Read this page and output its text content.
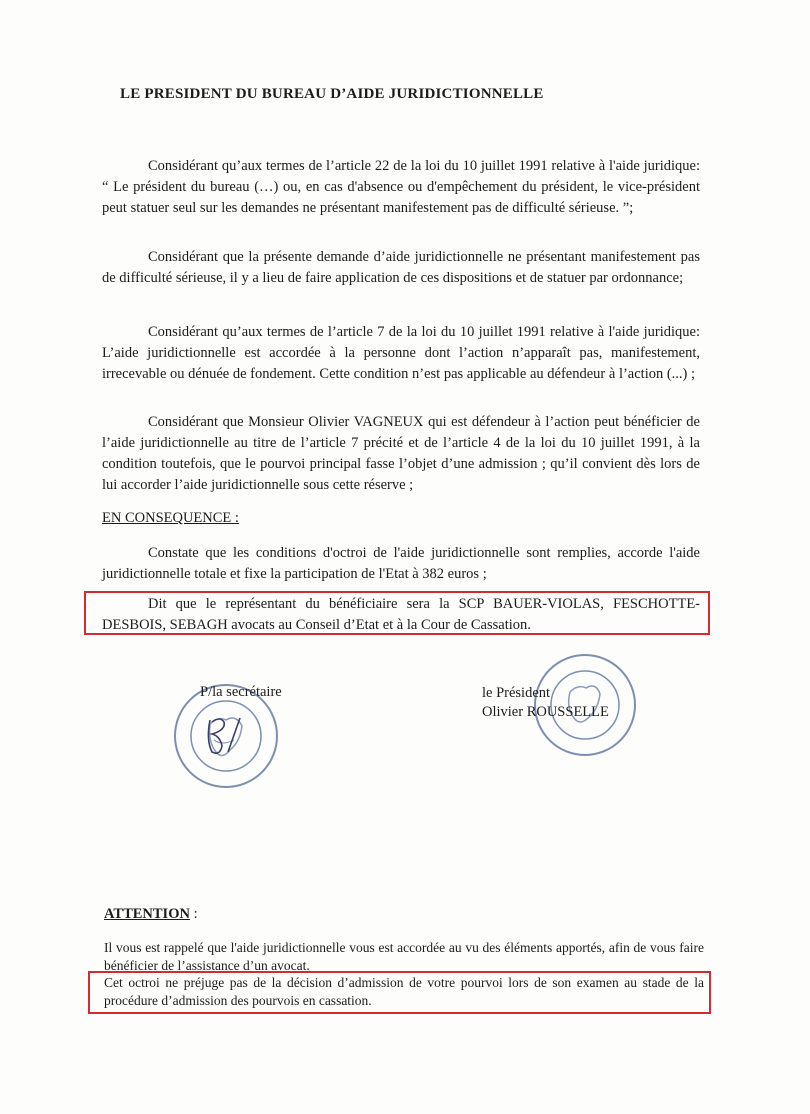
LE PRESIDENT DU BUREAU D’AIDE JURIDICTIONNELLE
Considérant qu’aux termes de l’article 22 de la loi du 10 juillet 1991 relative à l'aide juridique: “ Le président du bureau (…) ou, en cas d'absence ou d'empêchement du président, le vice-président peut statuer seul sur les demandes ne présentant manifestement pas de difficulté sérieuse. ”;
Considérant que la présente demande d’aide juridictionnelle ne présentant manifestement pas de difficulté sérieuse, il y a lieu de faire application de ces dispositions et de statuer par ordonnance;
Considérant qu’aux termes de l’article 7 de la loi du 10 juillet 1991 relative à l'aide juridique: L’aide juridictionnelle est accordée à la personne dont l’action n’apparaît pas, manifestement, irrecevable ou dénuée de fondement. Cette condition n’est pas applicable au défendeur à l’action (...) ;
Considérant que Monsieur Olivier VAGNEUX qui est défendeur à l’action peut bénéficier de l’aide juridictionnelle au titre de l’article 7 précité et de l’article 4 de la loi du 10 juillet 1991, à la condition toutefois, que le pourvoi principal fasse l’objet d’une admission ; qu’il convient dès lors de lui accorder l’aide juridictionnelle sous cette réserve ;
EN CONSEQUENCE :
Constate que les conditions d'octroi de l'aide juridictionnelle sont remplies, accorde l'aide juridictionnelle totale et fixe la participation de l'Etat à 382 euros ;
Dit que le représentant du bénéficiaire sera la SCP BAUER-VIOLAS, FESCHOTTE-DESBOIS, SEBAGH avocats au Conseil d’Etat et à la Cour de Cassation.
P/la secrétaire	le Président
Olivier ROUSSELLE
ATTENTION :
Il vous est rappelé que l'aide juridictionnelle vous est accordée au vu des éléments apportés, afin de vous faire bénéficier de l’assistance d’un avocat.
Cet octroi ne préjuge pas de la décision d’admission de votre pourvoi lors de son examen au stade de la procédure d’admission des pourvois en cassation.
